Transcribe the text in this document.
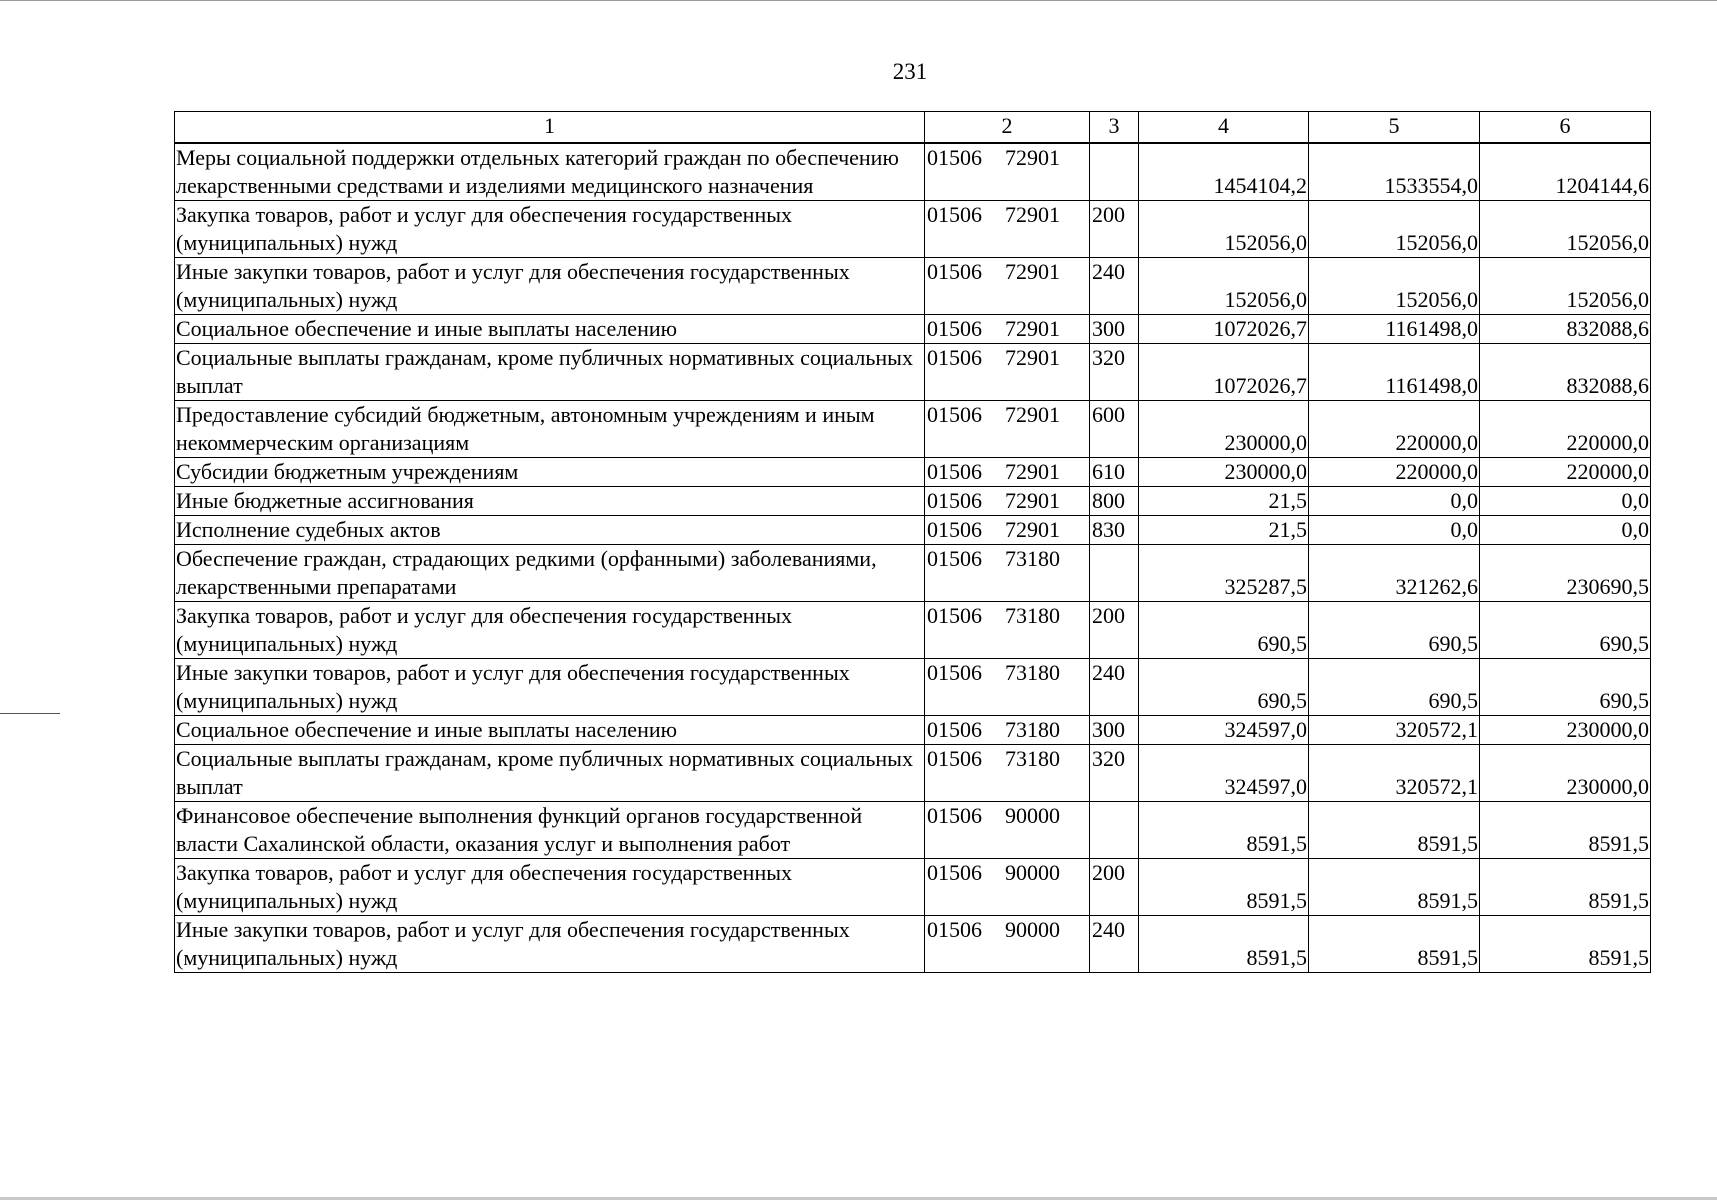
231
1	2	3	4	5	6
Меры социальной поддержки отдельных категорий граждан по обеспечению лекарственными средствами и изделиями медицинского назначения	01506 72901		1454104,2	1533554,0	1204144,6
Закупка товаров, работ и услуг для обеспечения государственных (муниципальных) нужд	01506 72901	200	152056,0	152056,0	152056,0
Иные закупки товаров, работ и услуг для обеспечения государственных (муниципальных) нужд	01506 72901	240	152056,0	152056,0	152056,0
Социальное обеспечение и иные выплаты населению	01506 72901	300	1072026,7	1161498,0	832088,6
Социальные выплаты гражданам, кроме публичных нормативных социальных выплат	01506 72901	320	1072026,7	1161498,0	832088,6
Предоставление субсидий бюджетным, автономным учреждениям и иным некоммерческим организациям	01506 72901	600	230000,0	220000,0	220000,0
Субсидии бюджетным учреждениям	01506 72901	610	230000,0	220000,0	220000,0
Иные бюджетные ассигнования	01506 72901	800	21,5	0,0	0,0
Исполнение судебных актов	01506 72901	830	21,5	0,0	0,0
Обеспечение граждан, страдающих редкими (орфанными) заболеваниями, лекарственными препаратами	01506 73180		325287,5	321262,6	230690,5
Закупка товаров, работ и услуг для обеспечения государственных (муниципальных) нужд	01506 73180	200	690,5	690,5	690,5
Иные закупки товаров, работ и услуг для обеспечения государственных (муниципальных) нужд	01506 73180	240	690,5	690,5	690,5
Социальное обеспечение и иные выплаты населению	01506 73180	300	324597,0	320572,1	230000,0
Социальные выплаты гражданам, кроме публичных нормативных социальных выплат	01506 73180	320	324597,0	320572,1	230000,0
Финансовое обеспечение выполнения функций органов государственной власти Сахалинской области, оказания услуг и выполнения работ	01506 90000		8591,5	8591,5	8591,5
Закупка товаров, работ и услуг для обеспечения государственных (муниципальных) нужд	01506 90000	200	8591,5	8591,5	8591,5
Иные закупки товаров, работ и услуг для обеспечения государственных (муниципальных) нужд	01506 90000	240	8591,5	8591,5	8591,5
